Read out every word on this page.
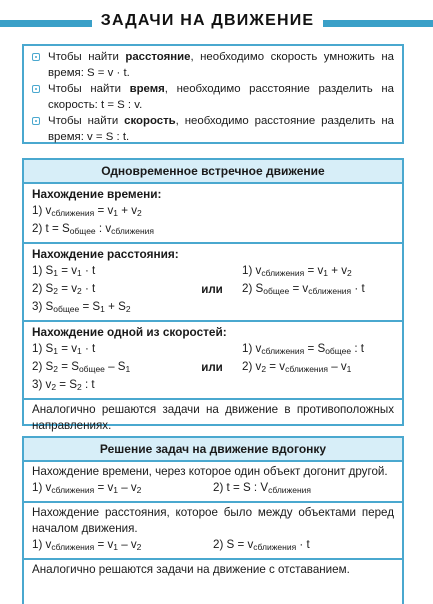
ЗАДАЧИ НА ДВИЖЕНИЕ
Чтобы найти расстояние, необходимо скорость умножить на время: S = v · t.
Чтобы найти время, необходимо расстояние разделить на скорость: t = S : v.
Чтобы найти скорость, необходимо расстояние разделить на время: v = S : t.
Одновременное встречное движение
Нахождение времени:
1) $v_{сближения} = v_1 + v_2$
2) $t = S_{общее}$ : $v_{сближения}$
Нахождение расстояния:
1) $S_1 = v_1 \cdot t$
2) $S_2 = v_2 \cdot t$
3) $S_{общее} = S_1 + S_2$
или
1) $v_{сближения} = v_1 + v_2$
2) $S_{общее} = v_{сближения} \cdot t$
Нахождение одной из скоростей:
1) $S_1 = v_1 \cdot t$
2) $S_2 = S_{общее} - S_1$
3) $v_2 = S_2$ : t
или
1) $v_{сближения} = S_{общее}$ : t
2) $v_2 = v_{сближения} - v_1$
Аналогично решаются задачи на движение в противоположных направлениях.
Решение задач на движение вдогонку
Нахождение времени, через которое один объект догонит другой.
1) $v_{сближения} = v_1 - v_2$	2) t = S : $V_{сближения}$
Нахождение расстояния, которое было между объектами перед началом движения.
1) $v_{сближения} = v_1 - v_2$	2) $S = v_{сближения} \cdot t$
Аналогично решаются задачи на движение с отставанием.
